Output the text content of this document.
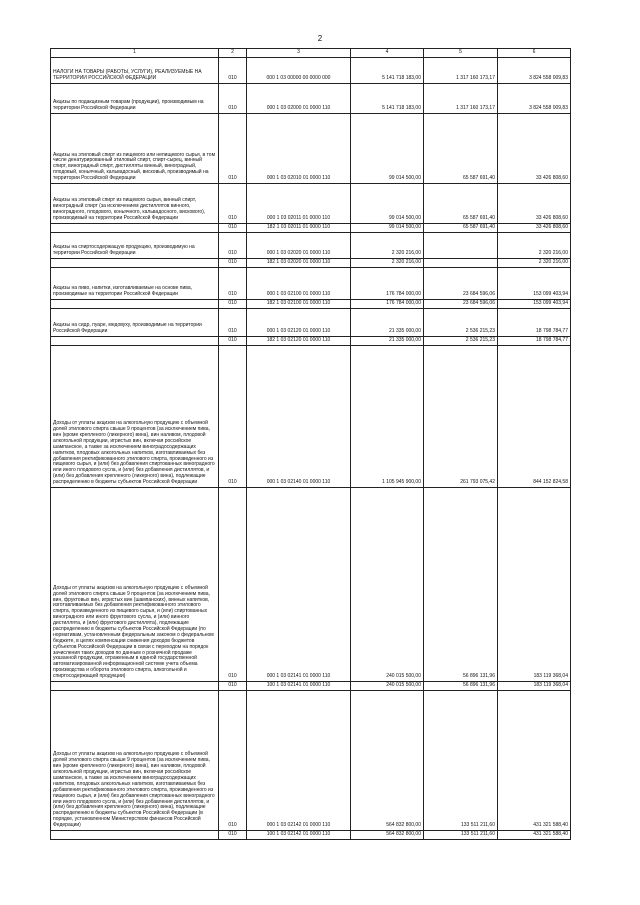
2
1	2	3	4	5	6
НАЛОГИ НА ТОВАРЫ (РАБОТЫ, УСЛУГИ), РЕАЛИЗУЕМЫЕ НА ТЕРРИТОРИИ РОССИЙСКОЙ ФЕДЕРАЦИИ	010	000 1 03 00000 00 0000 000	5 141 718 183,00	1 317 160 173,17	3 824 558 009,83
Акцизы по подакцизным товарам (продукции), производимым на территории Российской Федерации	010	000 1 03 02000 01 0000 110	5 141 718 183,00	1 317 160 173,17	3 824 558 009,83
Акцизы на этиловый спирт из пищевого или непищевого сырья, в том числе денатурированный этиловый спирт, спирт-сырец, винный спирт, виноградный спирт, дистилляты винный, виноградный, плодовый, коньячный, кальвадосный, висковый, производимый на территории Российской Федерации	010	000 1 03 02010 01 0000 110	99 014 500,00	65 587 691,40	33 426 808,60
Акцизы на этиловый спирт из пищевого сырья, винный спирт, виноградный спирт (за исключением дистиллятов винного, виноградного, плодового, коньячного, кальвадосного, вискового), производимый на территории Российской Федерации	010	000 1 03 02011 01 0000 110	99 014 500,00	65 587 691,40	33 426 808,60
	010	182 1 03 02011 01 0000 110	99 014 500,00	65 587 691,40	33 426 808,60
Акцизы на спиртосодержащую продукцию, производимую на территории Российской Федерации	010	000 1 03 02020 01 0000 110	2 320 216,00		2 320 216,00
	010	182 1 03 02020 01 0000 110	2 320 216,00		2 320 216,00
Акцизы на пиво, напитки, изготавливаемые на основе пива, производимые на территории Российской Федерации	010	000 1 03 02100 01 0000 110	176 784 000,00	23 684 596,06	153 099 403,94
	010	182 1 03 02100 01 0000 110	176 784 000,00	23 684 596,06	153 099 403,94
Акцизы на сидр, пуаре, медовуху, производимые на территории Российской Федерации	010	000 1 03 02120 01 0000 110	21 335 000,00	2 536 215,23	18 798 784,77
	010	182 1 03 02120 01 0000 110	21 335 000,00	2 536 215,23	18 798 784,77
Доходы от уплаты акцизов на алкогольную продукцию с объемной долей этилового спирта свыше 9 процентов (за исключением пива, вин (кроме крепленого (ликерного) вина), вин наливом, плодовой алкогольной продукции, игристых вин, включая российское шампанское, а также за исключением виноградосодержащих напитков, плодовых алкогольных напитков, изготавливаемых без добавления ректификованного этилового спирта, произведенного из пищевого сырья, и (или) без добавления спиртованных виноградного или иного плодового сусла, и (или) без добавления дистиллятов, и (или) без добавления крепленого (ликерного) вина), подлежащие распределению в бюджеты субъектов Российской Федерации	010	000 1 03 02140 01 0000 110	1 105 945 900,00	261 793 075,42	844 152 824,58
Доходы от уплаты акцизов на алкогольную продукцию с объемной долей этилового спирта свыше 9 процентов (за исключением пива, вин, фруктовых вин, игристых вин (шампанских), винных напитков, изготавливаемых без добавления ректификованного этилового спирта, произведенного из пищевого сырья, и (или) спиртованных виноградного или иного фруктового сусла, и (или) винного дистиллята, и (или) фруктового дистиллята), подлежащие распределению в бюджеты субъектов Российской Федерации (по нормативам, установленным федеральным законом о федеральном бюджете, в целях компенсации снижения доходов бюджетов субъектов Российской Федерации в связи с переходом на порядок зачисления таких доходов по данным о розничной продаже указанной продукции, отраженным в единой государственной автоматизированной информационной системе учета объема производства и оборота этилового спирта, алкогольной и спиртосодержащей продукции)	010	000 1 03 02141 01 0000 110	240 015 500,00	56 896 131,96	183 119 368,04
	010	100 1 03 02141 01 0000 110	240 015 500,00	56 896 131,96	183 119 368,04
Доходы от уплаты акцизов на алкогольную продукцию с объемной долей этилового спирта свыше 9 процентов (за исключением пива, вин (кроме крепленого (ликерного) вина), вин наливом, плодовой алкогольной продукции, игристых вин, включая российское шампанское, а также за исключением виноградосодержащих напитков, плодовых алкогольных напитков, изготавливаемых без добавления ректификованного этилового спирта, произведенного из пищевого сырья, и (или) без добавления спиртованных виноградного или иного плодового сусла, и (или) без добавления дистиллятов, и (или) без добавления крепленого (ликерного) вина), подлежащие распределению в бюджеты субъектов Российской Федерации (в порядке, установленном Министерством финансов Российской Федерации)	010	000 1 03 02142 01 0000 110	564 832 800,00	133 511 211,60	431 321 588,40
	010	100 1 03 02142 01 0000 110	564 832 800,00	133 511 211,60	431 321 588,40
